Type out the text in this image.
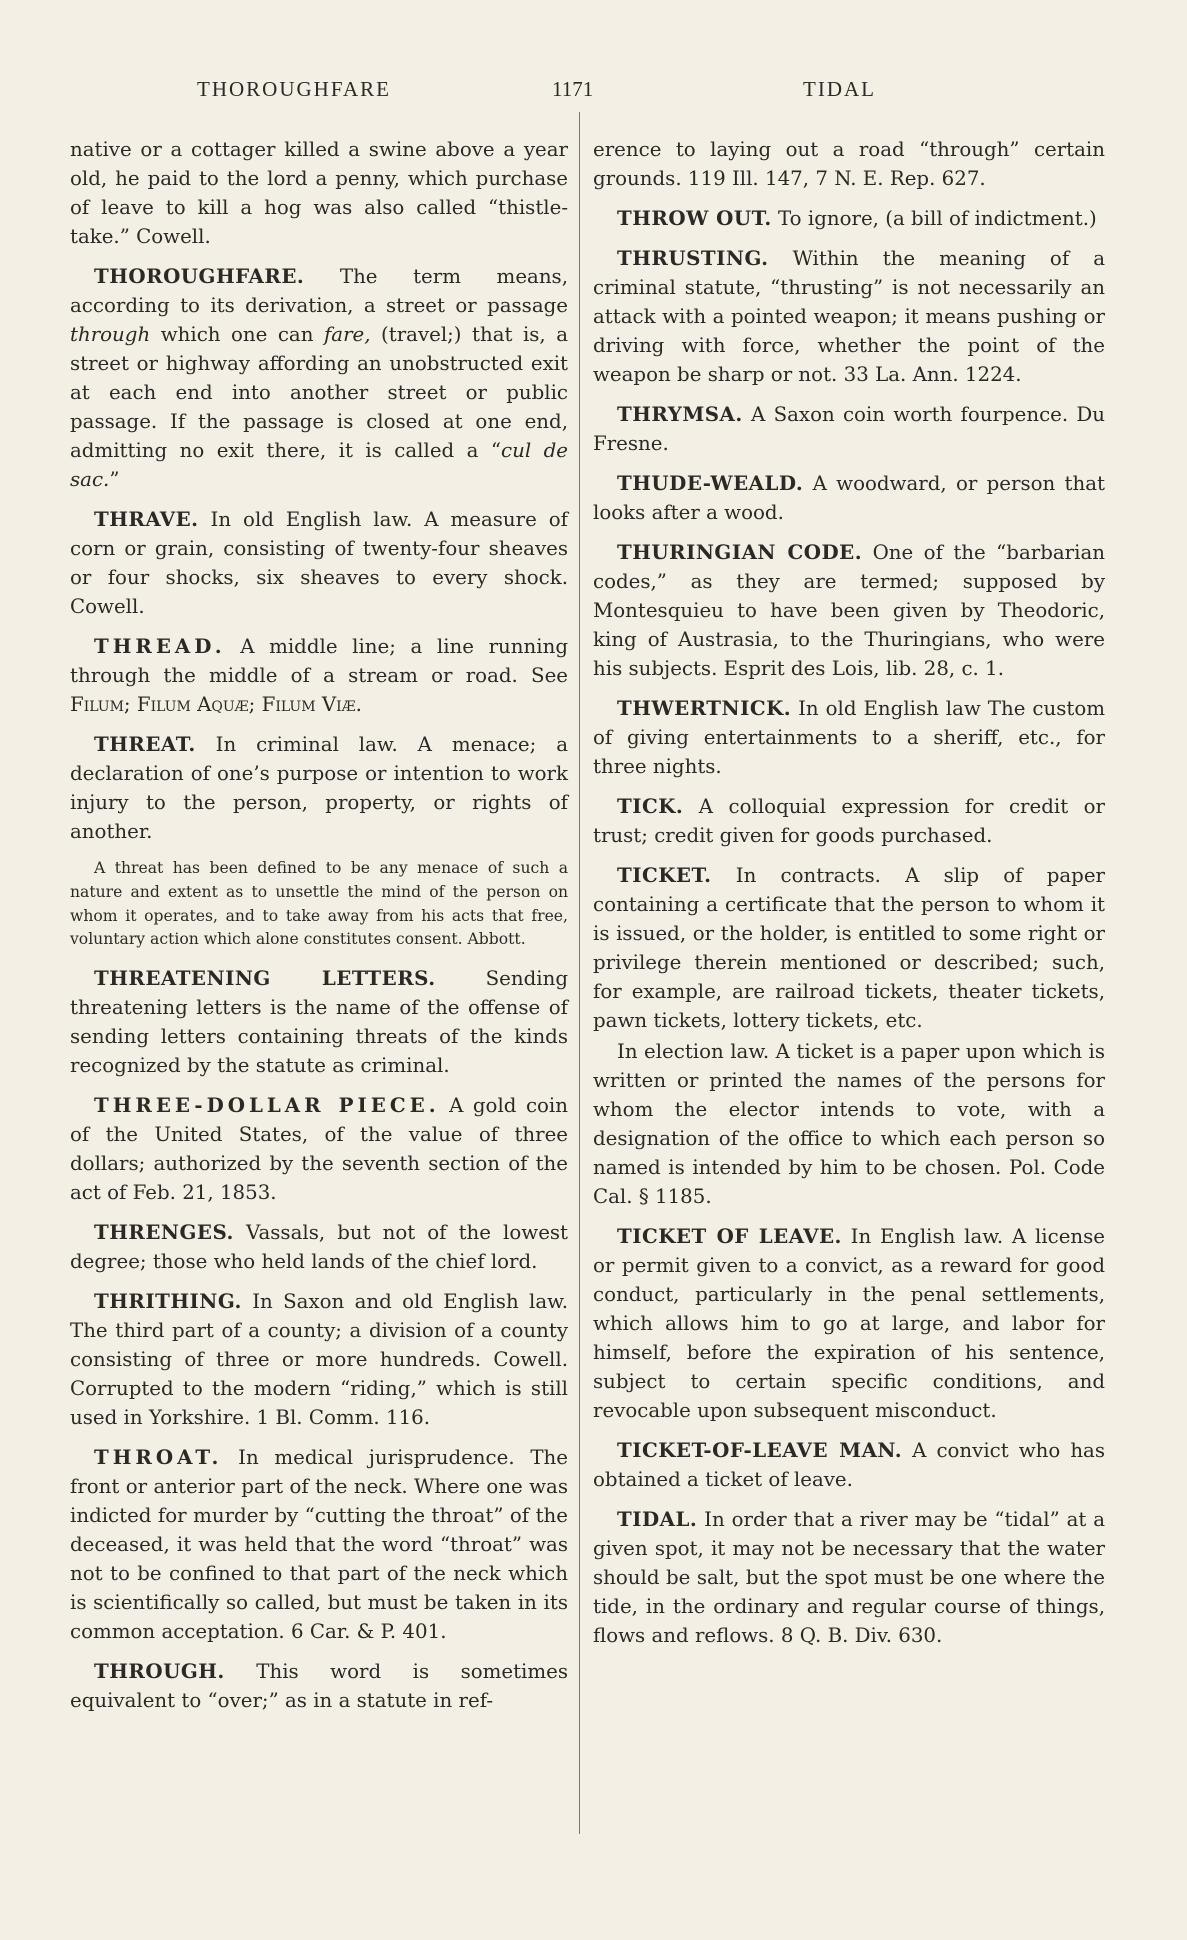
THOROUGHFARE	1171	TIDAL

native or a cottager killed a swine above a year old, he paid to the lord a penny, which purchase of leave to kill a hog was also called “thistle-take.” Cowell.

THOROUGHFARE. The term means, according to its derivation, a street or passage through which one can fare, (travel;) that is, a street or highway affording an unobstructed exit at each end into another street or public passage. If the passage is closed at one end, admitting no exit there, it is called a “cul de sac.”

THRAVE. In old English law. A measure of corn or grain, consisting of twenty-four sheaves or four shocks, six sheaves to every shock. Cowell.

THREAD. A middle line; a line running through the middle of a stream or road. See Filum; Filum Aquæ; Filum Viæ.

THREAT. In criminal law. A menace; a declaration of one’s purpose or intention to work injury to the person, property, or rights of another.

A threat has been defined to be any menace of such a nature and extent as to unsettle the mind of the person on whom it operates, and to take away from his acts that free, voluntary action which alone constitutes consent. Abbott.

THREATENING LETTERS. Sending threatening letters is the name of the offense of sending letters containing threats of the kinds recognized by the statute as criminal.

THREE-DOLLAR PIECE. A gold coin of the United States, of the value of three dollars; authorized by the seventh section of the act of Feb. 21, 1853.

THRENGES. Vassals, but not of the lowest degree; those who held lands of the chief lord.

THRITHING. In Saxon and old English law. The third part of a county; a division of a county consisting of three or more hundreds. Cowell. Corrupted to the modern “riding,” which is still used in Yorkshire. 1 Bl. Comm. 116.

THROAT. In medical jurisprudence. The front or anterior part of the neck. Where one was indicted for murder by “cutting the throat” of the deceased, it was held that the word “throat” was not to be confined to that part of the neck which is scientifically so called, but must be taken in its common acceptation. 6 Car. & P. 401.

THROUGH. This word is sometimes equivalent to “over;” as in a statute in ref-

erence to laying out a road “through” certain grounds. 119 Ill. 147, 7 N. E. Rep. 627.

THROW OUT. To ignore, (a bill of indictment.)

THRUSTING. Within the meaning of a criminal statute, “thrusting” is not necessarily an attack with a pointed weapon; it means pushing or driving with force, whether the point of the weapon be sharp or not. 33 La. Ann. 1224.

THRYMSA. A Saxon coin worth fourpence. Du Fresne.

THUDE-WEALD. A woodward, or person that looks after a wood.

THURINGIAN CODE. One of the “barbarian codes,” as they are termed; supposed by Montesquieu to have been given by Theodoric, king of Austrasia, to the Thuringians, who were his subjects. Esprit des Lois, lib. 28, c. 1.

THWERTNICK. In old English law The custom of giving entertainments to a sheriff, etc., for three nights.

TICK. A colloquial expression for credit or trust; credit given for goods purchased.

TICKET. In contracts. A slip of paper containing a certificate that the person to whom it is issued, or the holder, is entitled to some right or privilege therein mentioned or described; such, for example, are railroad tickets, theater tickets, pawn tickets, lottery tickets, etc.

In election law. A ticket is a paper upon which is written or printed the names of the persons for whom the elector intends to vote, with a designation of the office to which each person so named is intended by him to be chosen. Pol. Code Cal. § 1185.

TICKET OF LEAVE. In English law. A license or permit given to a convict, as a reward for good conduct, particularly in the penal settlements, which allows him to go at large, and labor for himself, before the expiration of his sentence, subject to certain specific conditions, and revocable upon subsequent misconduct.

TICKET-OF-LEAVE MAN. A convict who has obtained a ticket of leave.

TIDAL. In order that a river may be “tidal” at a given spot, it may not be necessary that the water should be salt, but the spot must be one where the tide, in the ordinary and regular course of things, flows and reflows. 8 Q. B. Div. 630.
